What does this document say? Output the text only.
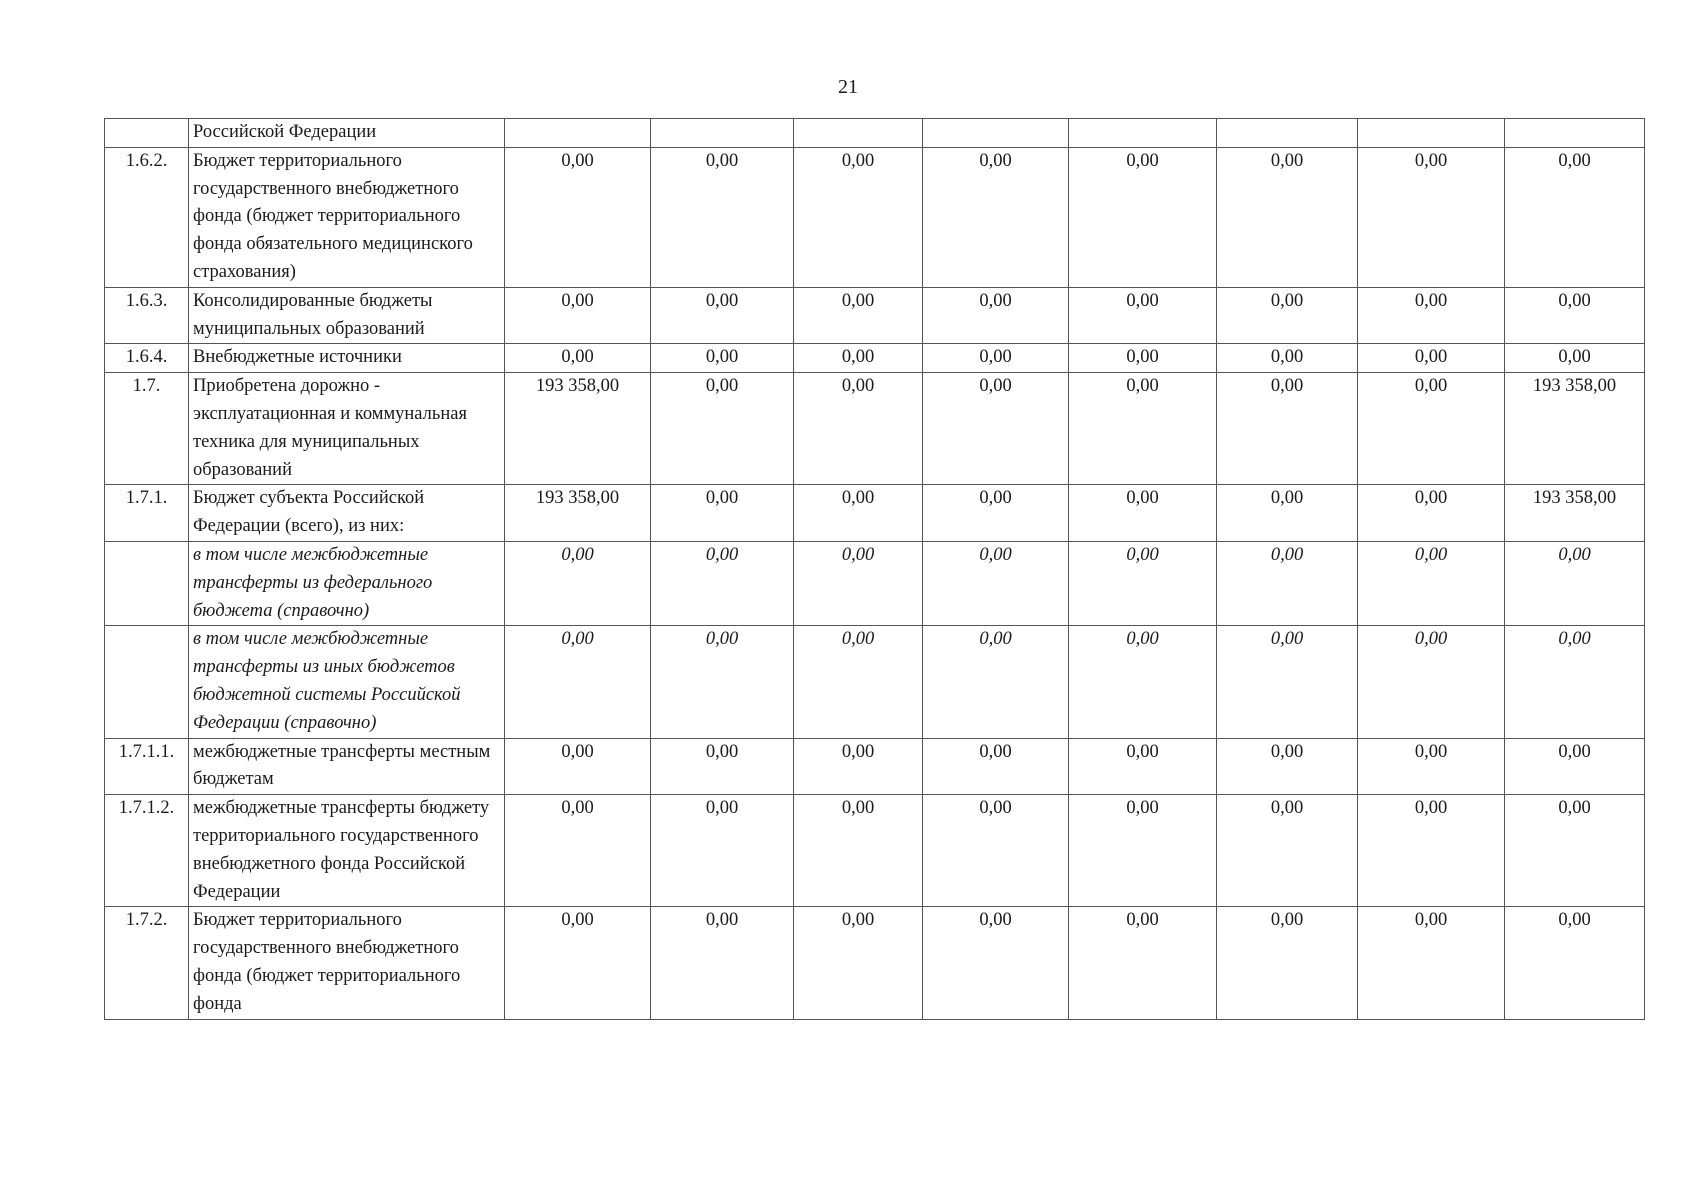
21
	Российской Федерации								
1.6.2.	Бюджет территориального государственного внебюджетного фонда (бюджет территориального фонда обязательного медицинского страхования)	0,00	0,00	0,00	0,00	0,00	0,00	0,00	0,00
1.6.3.	Консолидированные бюджеты муниципальных образований	0,00	0,00	0,00	0,00	0,00	0,00	0,00	0,00
1.6.4.	Внебюджетные источники	0,00	0,00	0,00	0,00	0,00	0,00	0,00	0,00
1.7.	Приобретена дорожно - эксплуатационная и коммунальная техника для муниципальных образований	193 358,00	0,00	0,00	0,00	0,00	0,00	0,00	193 358,00
1.7.1.	Бюджет субъекта Российской Федерации (всего), из них:	193 358,00	0,00	0,00	0,00	0,00	0,00	0,00	193 358,00
	в том числе межбюджетные трансферты из федерального бюджета (справочно)	0,00	0,00	0,00	0,00	0,00	0,00	0,00	0,00
	в том числе межбюджетные трансферты из иных бюджетов бюджетной системы Российской Федерации (справочно)	0,00	0,00	0,00	0,00	0,00	0,00	0,00	0,00
1.7.1.1.	межбюджетные трансферты местным бюджетам	0,00	0,00	0,00	0,00	0,00	0,00	0,00	0,00
1.7.1.2.	межбюджетные трансферты бюджету территориального государственного внебюджетного фонда Российской Федерации	0,00	0,00	0,00	0,00	0,00	0,00	0,00	0,00
1.7.2.	Бюджет территориального государственного внебюджетного фонда (бюджет территориального фонда	0,00	0,00	0,00	0,00	0,00	0,00	0,00	0,00
